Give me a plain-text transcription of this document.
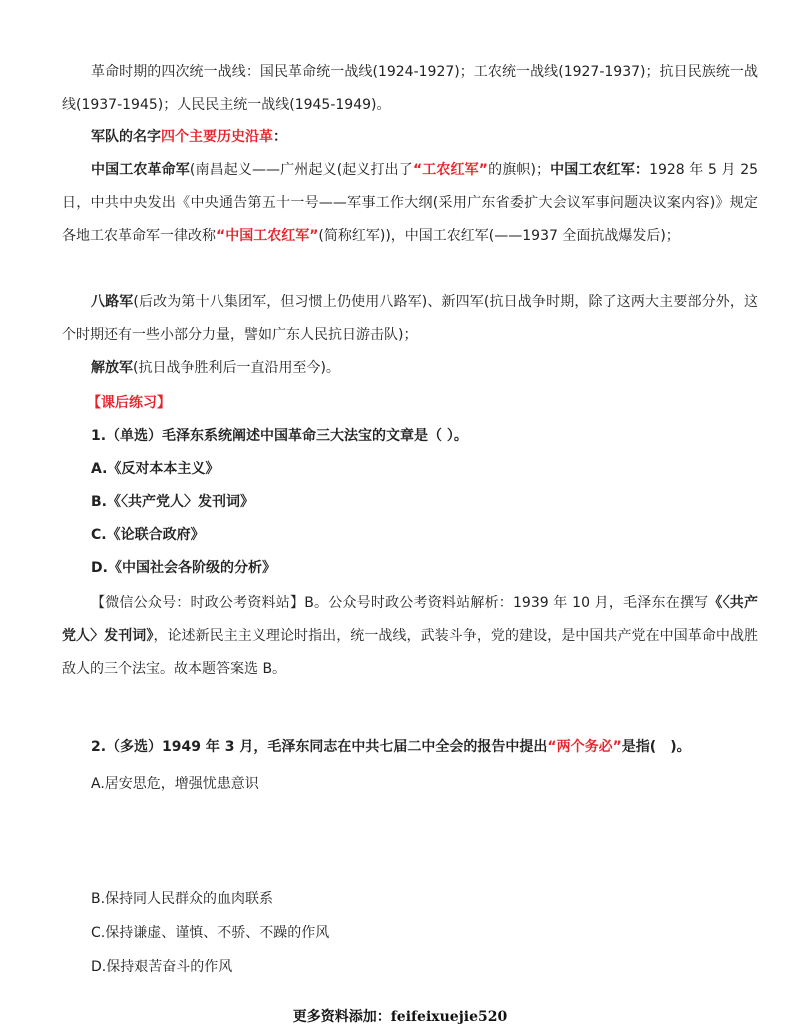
革命时期的四次统一战线：国民革命统一战线(1924-1927)；工农统一战线(1927-1937)；抗日民族统一战线(1937-1945)；人民民主统一战线(1945-1949)。

军队的名字四个主要历史沿革：

中国工农革命军(南昌起义——广州起义(起义打出了“工农红军”的旗帜)；中国工农红军：1928 年 5 月 25 日，中共中央发出《中央通告第五十一号——军事工作大纲(采用广东省委扩大会议军事问题决议案内容)》规定各地工农革命军一律改称“中国工农红军”(简称红军))，中国工农红军(——1937 全面抗战爆发后)；

八路军(后改为第十八集团军，但习惯上仍使用八路军)、新四军(抗日战争时期，除了这两大主要部分外，这个时期还有一些小部分力量，譬如广东人民抗日游击队)；

解放军(抗日战争胜利后一直沿用至今)。

【课后练习】

1.（单选）毛泽东系统阐述中国革命三大法宝的文章是（ ）。

A.《反对本本主义》

B.《〈共产党人〉发刊词》

C.《论联合政府》

D.《中国社会各阶级的分析》

【微信公众号：时政公考资料站】B。公众号时政公考资料站解析：1939 年 10 月，毛泽东在撰写《〈共产党人〉发刊词》，论述新民主主义理论时指出，统一战线，武装斗争，党的建设，是中国共产党在中国革命中战胜敌人的三个法宝。故本题答案选 B。

2.（多选）1949 年 3 月，毛泽东同志在中共七届二中全会的报告中提出“两个务必”是指(　)。

A.居安思危，增强忧患意识

B.保持同人民群众的血肉联系

C.保持谦虚、谨慎、不骄、不躁的作风

D.保持艰苦奋斗的作风

更多资料添加：feifeixuejie520
